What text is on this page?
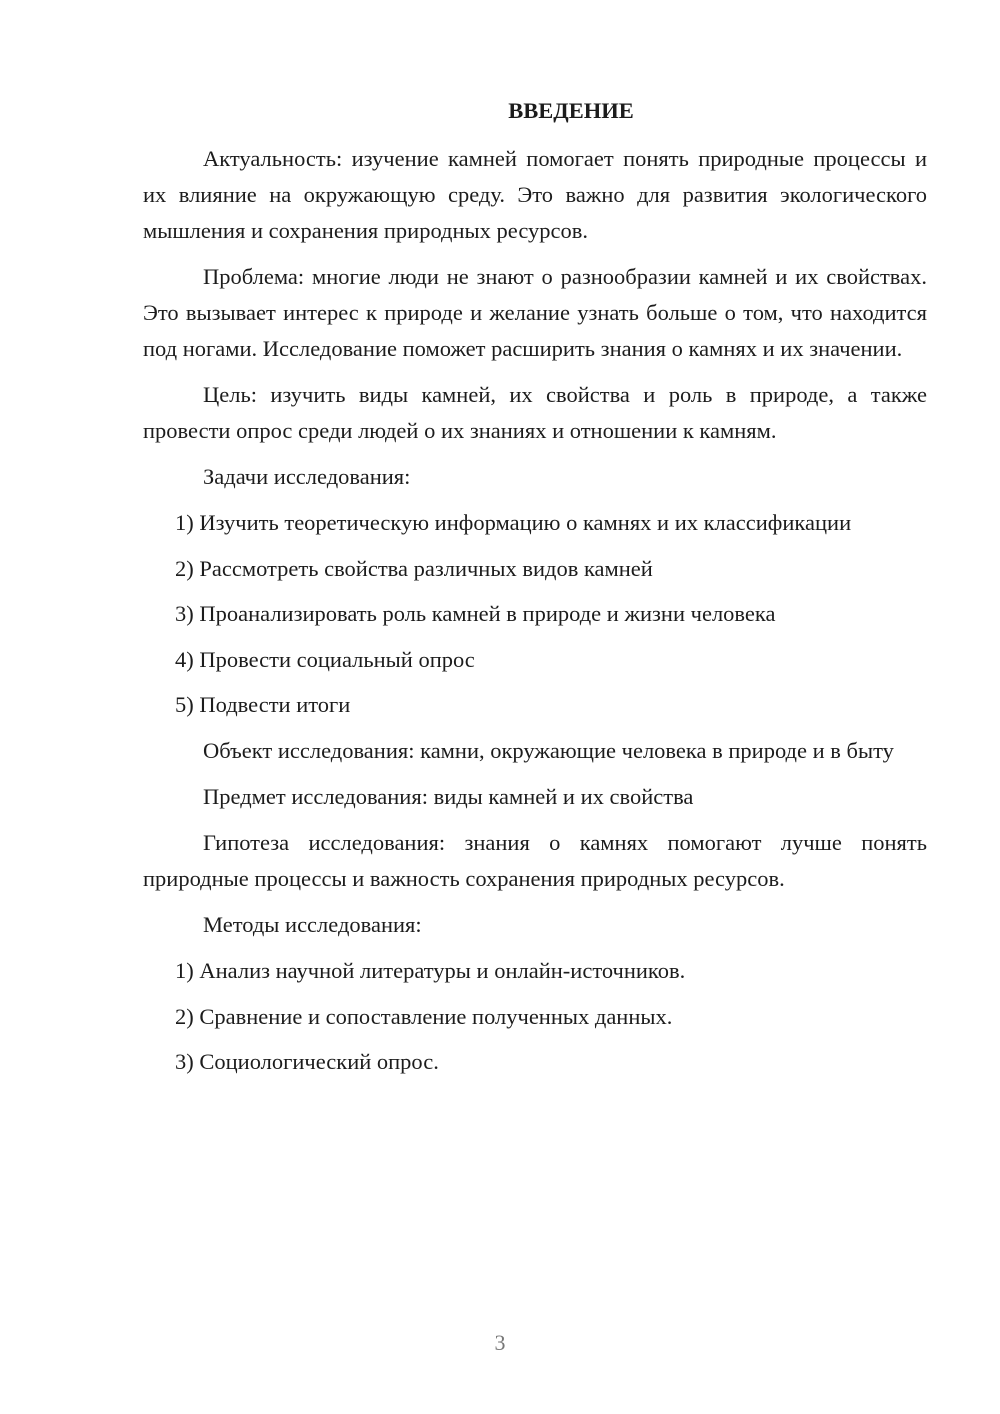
ВВЕДЕНИЕ

Актуальность: изучение камней помогает понять природные процессы и их влияние на окружающую среду. Это важно для развития экологического мышления и сохранения природных ресурсов.

Проблема: многие люди не знают о разнообразии камней и их свойствах. Это вызывает интерес к природе и желание узнать больше о том, что находится под ногами. Исследование поможет расширить знания о камнях и их значении.

Цель: изучить виды камней, их свойства и роль в природе, а также провести опрос среди людей о их знаниях и отношении к камням.

Задачи исследования:

1) Изучить теоретическую информацию о камнях и их классификации
2) Рассмотреть свойства различных видов камней
3) Проанализировать роль камней в природе и жизни человека
4) Провести социальный опрос
5) Подвести итоги

Объект исследования: камни, окружающие человека в природе и в быту

Предмет исследования: виды камней и их свойства

Гипотеза исследования: знания о камнях помогают лучше понять природные процессы и важность сохранения природных ресурсов.

Методы исследования:

1) Анализ научной литературы и онлайн-источников.
2) Сравнение и сопоставление полученных данных.
3) Социологический опрос.
3
